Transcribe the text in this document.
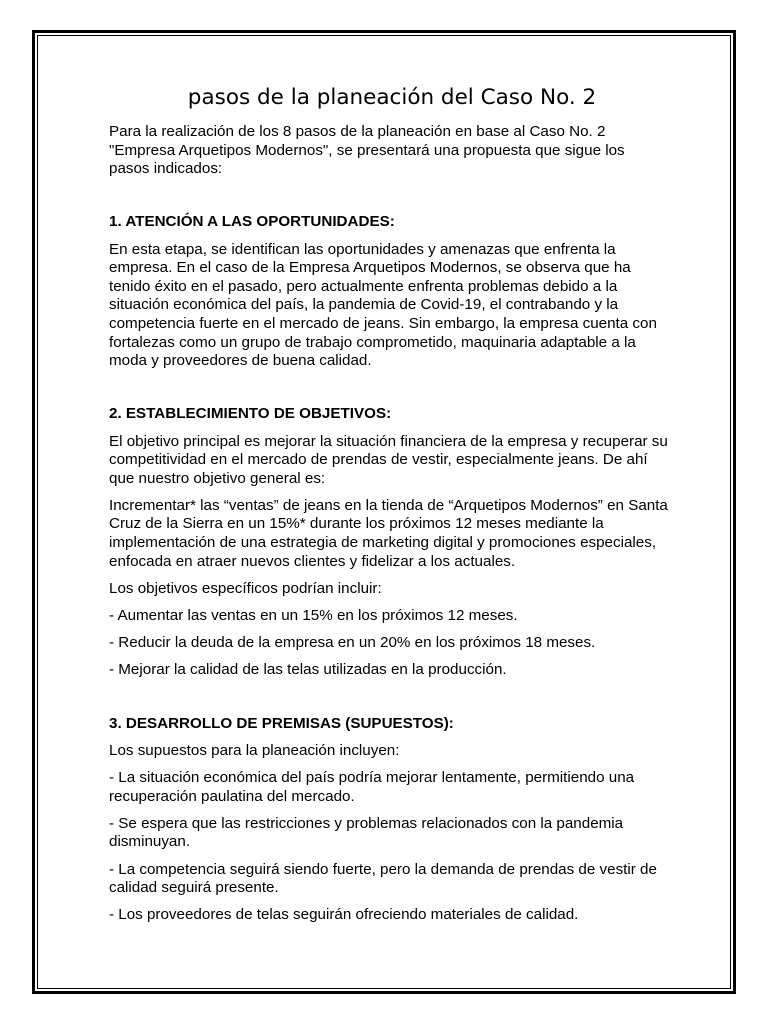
pasos de la planeación del Caso No. 2

Para la realización de los 8 pasos de la planeación en base al Caso No. 2 "Empresa Arquetipos Modernos", se presentará una propuesta que sigue los pasos indicados:

1. ATENCIÓN A LAS OPORTUNIDADES:

En esta etapa, se identifican las oportunidades y amenazas que enfrenta la empresa. En el caso de la Empresa Arquetipos Modernos, se observa que ha tenido éxito en el pasado, pero actualmente enfrenta problemas debido a la situación económica del país, la pandemia de Covid-19, el contrabando y la competencia fuerte en el mercado de jeans. Sin embargo, la empresa cuenta con fortalezas como un grupo de trabajo comprometido, maquinaria adaptable a la moda y proveedores de buena calidad.

2. ESTABLECIMIENTO DE OBJETIVOS:

El objetivo principal es mejorar la situación financiera de la empresa y recuperar su competitividad en el mercado de prendas de vestir, especialmente jeans. De ahí que nuestro objetivo general es:

Incrementar* las “ventas” de jeans en la tienda de “Arquetipos Modernos” en Santa Cruz de la Sierra en un 15%* durante los próximos 12 meses mediante la implementación de una estrategia de marketing digital y promociones especiales, enfocada en atraer nuevos clientes y fidelizar a los actuales.

Los objetivos específicos podrían incluir:

- Aumentar las ventas en un 15% en los próximos 12 meses.

- Reducir la deuda de la empresa en un 20% en los próximos 18 meses.

- Mejorar la calidad de las telas utilizadas en la producción.

3. DESARROLLO DE PREMISAS (SUPUESTOS):

Los supuestos para la planeación incluyen:

- La situación económica del país podría mejorar lentamente, permitiendo una recuperación paulatina del mercado.

- Se espera que las restricciones y problemas relacionados con la pandemia disminuyan.

- La competencia seguirá siendo fuerte, pero la demanda de prendas de vestir de calidad seguirá presente.

- Los proveedores de telas seguirán ofreciendo materiales de calidad.
